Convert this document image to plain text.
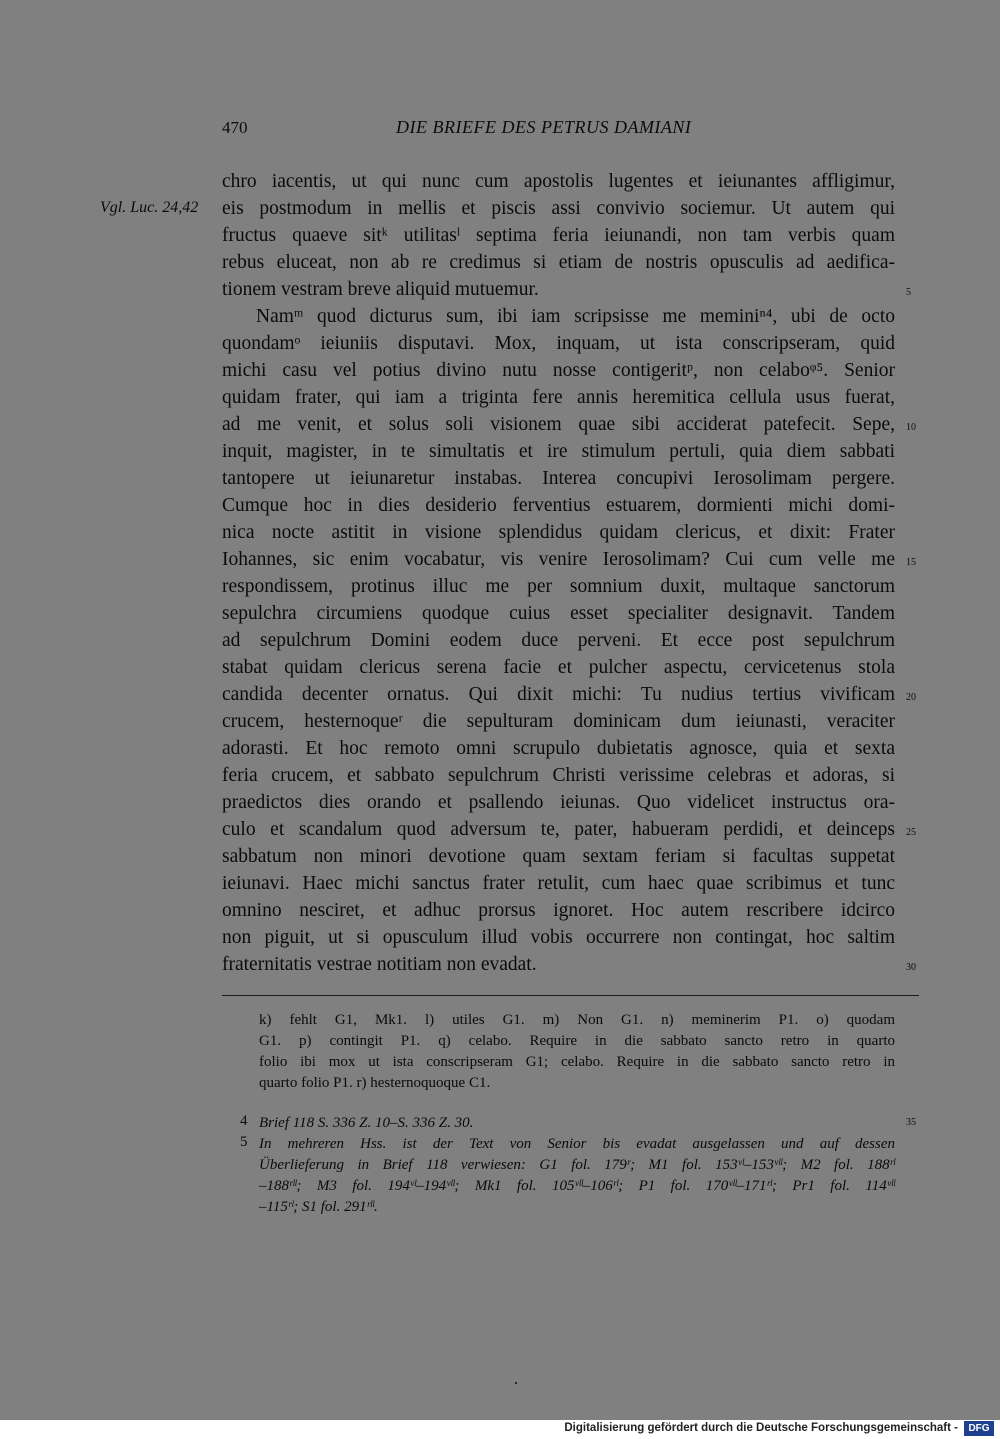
470	DIE BRIEFE DES PETRUS DAMIANI
Vgl. Luc. 24,42
chro iacentis, ut qui nunc cum apostolis lugentes et ieiunantes affligimur,
eis postmodum in mellis et piscis assi convivio sociemur. Ut autem qui
fructus quaeve sitᵏ utilitasˡ septima feria ieiunandi, non tam verbis quam
rebus eluceat, non ab re credimus si etiam de nostris opusculis ad aedifica-
tionem vestram breve aliquid mutuemur.
Namᵐ quod dicturus sum, ibi iam scripsisse me meminiⁿ⁴, ubi de octo
quondamᵒ ieiuniis disputavi. Mox, inquam, ut ista conscripseram, quid
michi casu vel potius divino nutu nosse contigeritᵖ, non celaboᵠ⁵. Senior
quidam frater, qui iam a triginta fere annis heremitica cellula usus fuerat,
ad me venit, et solus soli visionem quae sibi acciderat patefecit. Sepe,
inquit, magister, in te simultatis et ire stimulum pertuli, quia diem sabbati
tantopere ut ieiunaretur instabas. Interea concupivi Ierosolimam pergere.
Cumque hoc in dies desiderio ferventius estuarem, dormienti michi domi-
nica nocte astitit in visione splendidus quidam clericus, et dixit: Frater
Iohannes, sic enim vocabatur, vis venire Ierosolimam? Cui cum velle me
respondissem, protinus illuc me per somnium duxit, multaque sanctorum
sepulchra circumiens quodque cuius esset specialiter designavit. Tandem
ad sepulchrum Domini eodem duce perveni. Et ecce post sepulchrum
stabat quidam clericus serena facie et pulcher aspectu, cervicetenus stola
candida decenter ornatus. Qui dixit michi: Tu nudius tertius vivificam
crucem, hesternoqueʳ die sepulturam dominicam dum ieiunasti, veraciter
adorasti. Et hoc remoto omni scrupulo dubietatis agnosce, quia et sexta
feria crucem, et sabbato sepulchrum Christi verissime celebras et adoras, si
praedictos dies orando et psallendo ieiunas. Quo videlicet instructus ora-
culo et scandalum quod adversum te, pater, habueram perdidi, et deinceps
sabbatum non minori devotione quam sextam feriam si facultas suppetat
ieiunavi. Haec michi sanctus frater retulit, cum haec quae scribimus et tunc
omnino nesciret, et adhuc prorsus ignoret. Hoc autem rescribere idcirco
non piguit, ut si opusculum illud vobis occurrere non contingat, hoc saltim
fraternitatis vestrae notitiam non evadat.
5
10
15
20
25
30
k) fehlt G1, Mk1. l) utiles G1. m) Non G1. n) meminerim P1. o) quodam
G1. p) contingit P1. q) celabo. Require in die sabbato sancto retro in quarto
folio ibi mox ut ista conscripseram G1; celabo. Require in die sabbato sancto retro in
quarto folio P1. r) hesternoquoque C1.
4
5
35
Brief 118 S. 336 Z. 10–S. 336 Z. 30.
In mehreren Hss. ist der Text von Senior bis evadat ausgelassen und auf dessen
Überlieferung in Brief 118 verwiesen: G1 fol. 179ʳ; M1 fol. 153ᵛˡ–153ᵛˡˡ; M2 fol. 188ʳˡ
–188ʳˡˡ; M3 fol. 194ᵛˡ–194ᵛˡˡ; Mk1 fol. 105ᵛˡˡ–106ʳˡ; P1 fol. 170ᵛˡˡ–171ʳˡ; Pr1 fol. 114ᵛˡˡ
–115ʳˡ; S1 fol. 291ʳˡˡ.
Digitalisierung gefördert durch die Deutsche Forschungsgemeinschaft -	DFG
